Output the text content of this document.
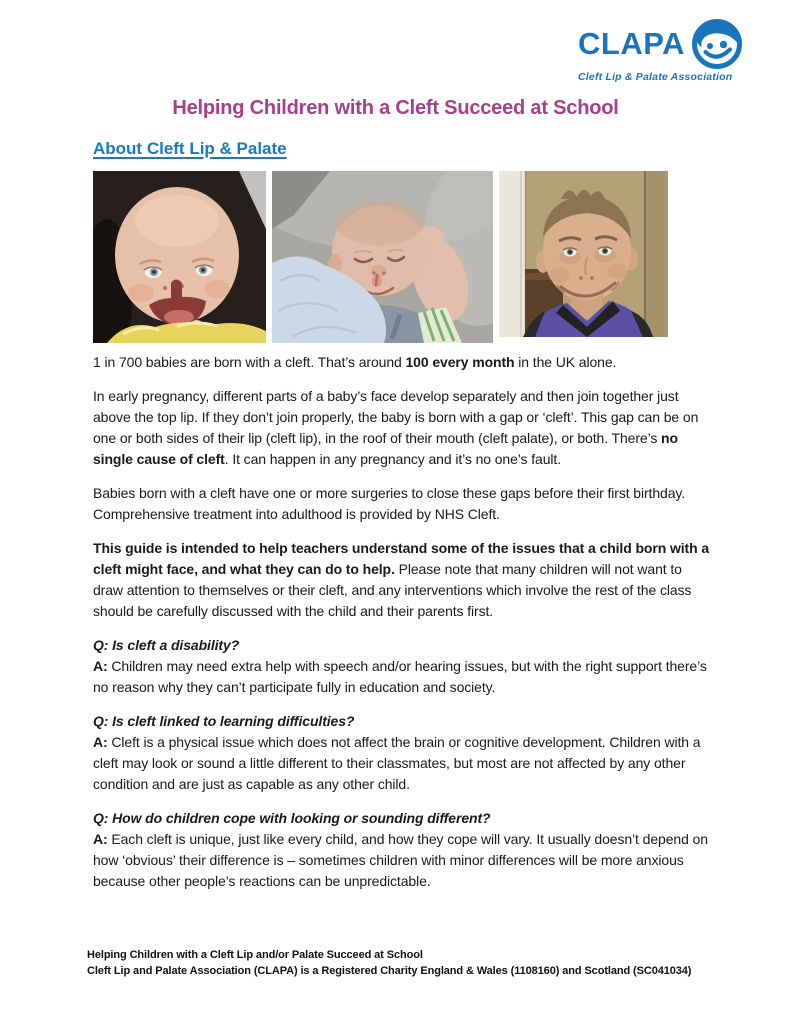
CLAPA
Cleft Lip & Palate Association
Helping Children with a Cleft Succeed at School
About Cleft Lip & Palate

1 in 700 babies are born with a cleft. That’s around 100 every month in the UK alone.

In early pregnancy, different parts of a baby’s face develop separately and then join together just above the top lip. If they don’t join properly, the baby is born with a gap or ‘cleft’. This gap can be on one or both sides of their lip (cleft lip), in the roof of their mouth (cleft palate), or both. There’s no single cause of cleft. It can happen in any pregnancy and it’s no one’s fault.

Babies born with a cleft have one or more surgeries to close these gaps before their first birthday. Comprehensive treatment into adulthood is provided by NHS Cleft.

This guide is intended to help teachers understand some of the issues that a child born with a cleft might face, and what they can do to help. Please note that many children will not want to draw attention to themselves or their cleft, and any interventions which involve the rest of the class should be carefully discussed with the child and their parents first.

Q: Is cleft a disability?

A: Children may need extra help with speech and/or hearing issues, but with the right support there’s no reason why they can’t participate fully in education and society.

Q: Is cleft linked to learning difficulties?

A: Cleft is a physical issue which does not affect the brain or cognitive development. Children with a cleft may look or sound a little different to their classmates, but most are not affected by any other condition and are just as capable as any other child.

Q: How do children cope with looking or sounding different?

A: Each cleft is unique, just like every child, and how they cope will vary. It usually doesn’t depend on how ‘obvious’ their difference is – sometimes children with minor differences will be more anxious because other people’s reactions can be unpredictable.

Helping Children with a Cleft Lip and/or Palate Succeed at School
Cleft Lip and Palate Association (CLAPA) is a Registered Charity England & Wales (1108160) and Scotland (SC041034)
